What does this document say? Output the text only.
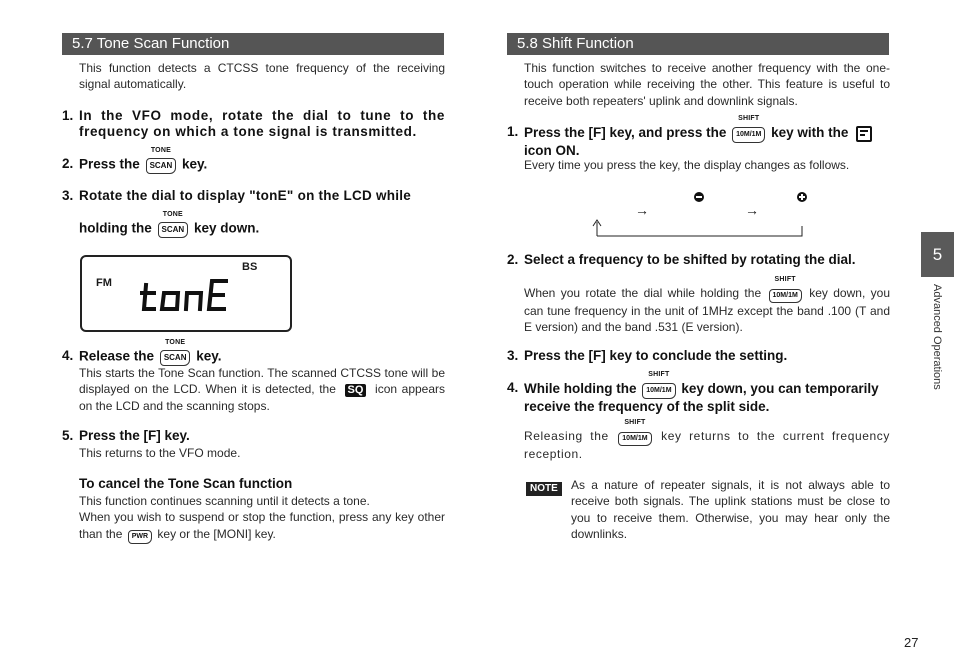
5.7 Tone Scan Function
This function detects a CTCSS tone frequency of the receiving signal automatically.
1. In the VFO mode, rotate the dial to tune to the frequency on which a tone signal is transmitted.
2. Press the
TONE
SCAN key.
3. Rotate the dial to display "tonE" on the LCD while
holding the
TONE
SCAN key down.
FM
BS
4. Release the
TONE
SCAN key.
This starts the Tone Scan function. The scanned CTCSS tone will be displayed on the LCD. When it is detected, the SQ icon appears on the LCD and the scanning stops.
5. Press the [F] key.
This returns to the VFO mode.
To cancel the Tone Scan function
This function continues scanning until it detects a tone.
When you wish to suspend or stop the function, press any key other than the PWR key or the [MONI] key.
5.8 Shift Function
This function switches to receive another frequency with the one-touch operation while receiving the other. This feature is useful to receive both repeaters' uplink and downlink signals.
1. Press the [F] key, and press the
SHIFT
10M/1M key with the
icon ON.
Every time you press the key, the display changes as follows.
→	→
2. Select a frequency to be shifted by rotating the dial.
When you rotate the dial while holding the
SHIFT
10M/1M key down, you can tune frequency in the unit of 1MHz except the band .100 (T and E version) and the band .531 (E version).
3. Press the [F] key to conclude the setting.
4. While holding the
SHIFT
10M/1M key down, you can temporarily receive the frequency of the split side.
Releasing the
SHIFT
10M/1M key returns to the current frequency reception.
NOTE	As a nature of repeater signals, it is not always able to receive both signals. The uplink stations must be close to you to receive them. Otherwise, you may hear only the downlinks.
5
Advanced Operations
27
